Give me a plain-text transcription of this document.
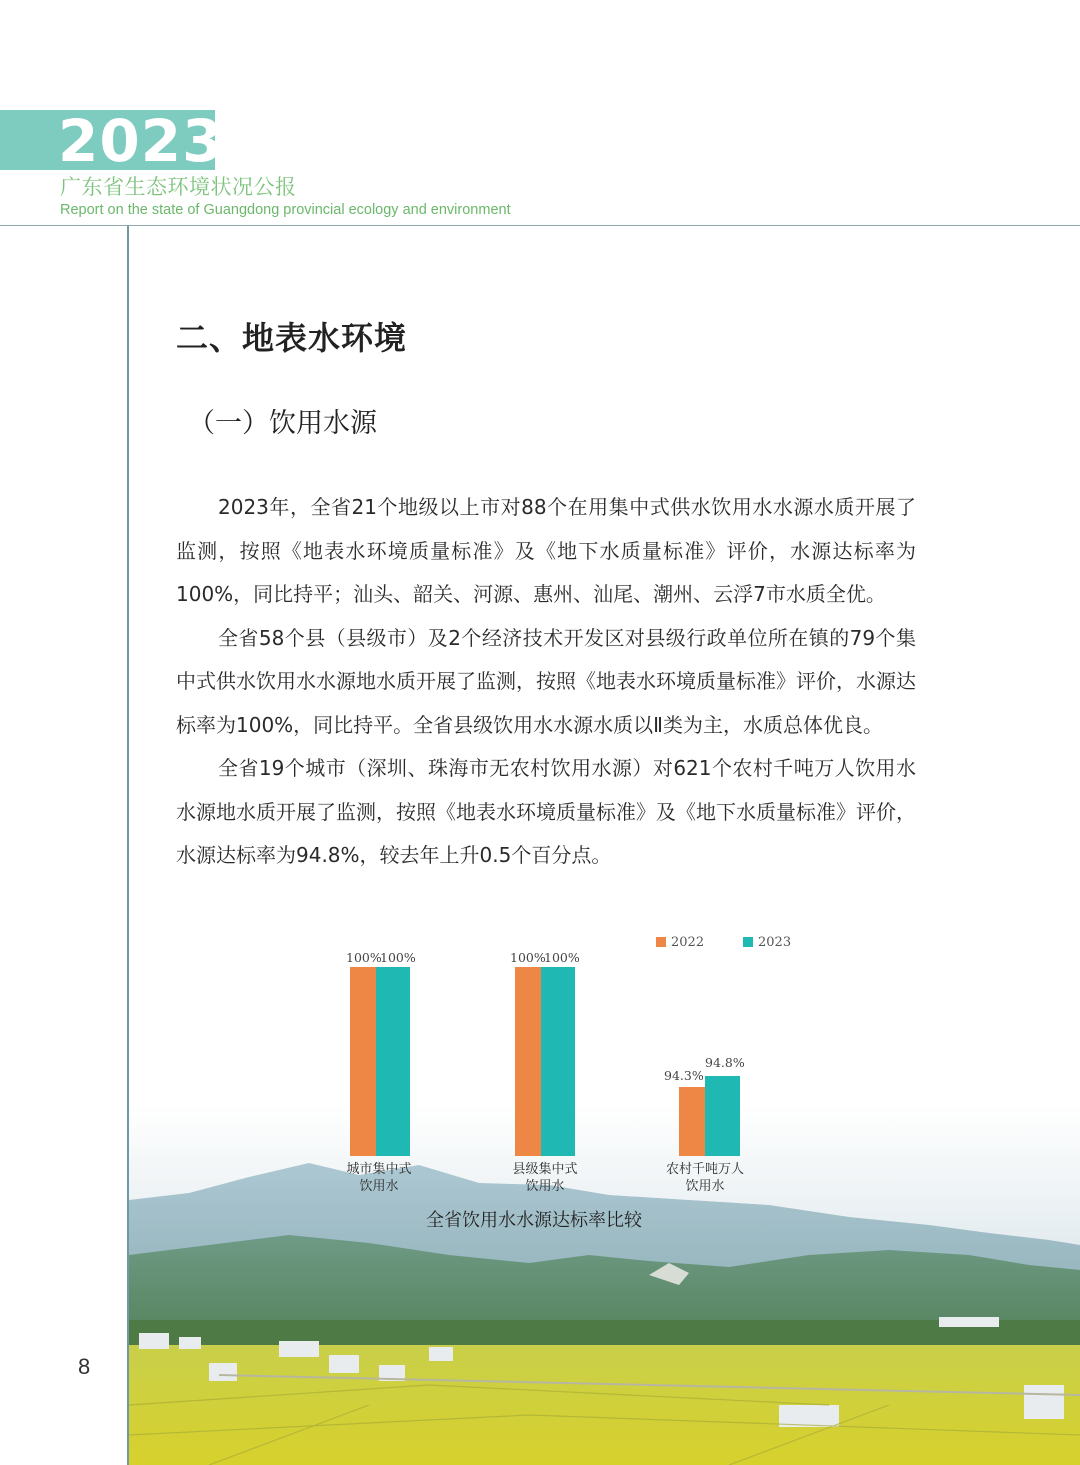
2023
广东省生态环境状况公报
Report on the state of Guangdong provincial ecology and environment
二、地表水环境
（一）饮用水源

2023年，全省21个地级以上市对88个在用集中式供水饮用水水源水质开展了监测，按照《地表水环境质量标准》及《地下水质量标准》评价，水源达标率为100%，同比持平；汕头、韶关、河源、惠州、汕尾、潮州、云浮7市水质全优。

全省58个县（县级市）及2个经济技术开发区对县级行政单位所在镇的79个集中式供水饮用水水源地水质开展了监测，按照《地表水环境质量标准》评价，水源达标率为100%，同比持平。全省县级饮用水水源水质以Ⅱ类为主，水质总体优良。

全省19个城市（深圳、珠海市无农村饮用水源）对621个农村千吨万人饮用水水源地水质开展了监测，按照《地表水环境质量标准》及《地下水质量标准》评价，水源达标率为94.8%，较去年上升0.5个百分点。

2022	2023
100%
100%
城市集中式
饮用水
100%
100%
县级集中式
饮用水
94.3%
94.8%
农村千吨万人
饮用水
全省饮用水水源达标率比较
8
